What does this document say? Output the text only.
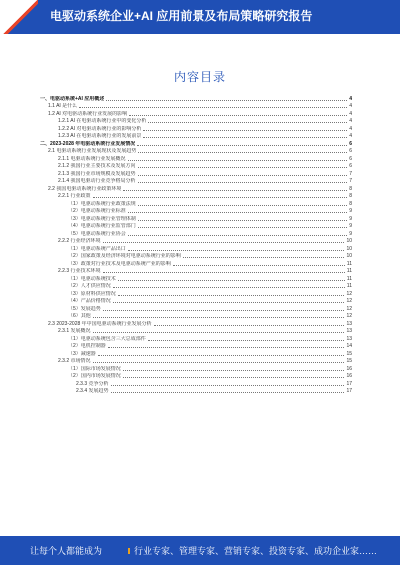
电驱动系统企业+AI 应用前景及布局策略研究报告
内容目录
一、电驱动系统+AI 应用概述	4
1.1 AI 是什么	4
1.2 AI 对电驱动系统行业发展的影响	4
1.2.1 AI 在电驱动系统行业中的变化分析	4
1.2.2 AI 对电驱动系统行业的影响分析	4
1.2.3 AI 在电驱动系统行业的发展前景	4
二、2023-2028 年电驱动系统行业发展情况	6
2.1 电驱动系统行业发展现状及发展趋势	6
2.1.1 电驱动系统行业发展概况	6
2.1.2 我国行业主要技术及发展方向	6
2.1.3 我国行业市场规模及发展趋势	7
2.1.4 我国电驱动行业竞争格局分析	7
2.2 我国电驱动系统行业政策环境	8
2.2.1 行业政策	8
（1）电驱动系统行业政策法规	8
（2）电驱动系统行业标准	9
（3）电驱动系统行业管理体制	9
（4）电驱动系统行业监管部门	9
（5）电驱动系统行业协会	9
2.2.2 行业经济环境	10
（1）电驱动系统产品出口	10
（2）国家政策及经济环境对电驱动系统行业的影响	10
（3）政策对行业技术及电驱动系统产业的影响	11
2.2.3 行业技术环境	11
（1）电驱动系统技术	11
（2）人才供应情况	11
（3）原材料供应情况	12
（4）产品价格情况	12
（5）发展趋势	12
（6）其他	12
2.3 2023-2028 年中国电驱动系统行业发展分析	13
2.3.1 发展概况	13
（1）电驱动系统包含三大总成部件	13
（2）电机控制器	14
（3）减速器	15
2.3.2 市场情况	15
（1）国际市场发展情况	16
（2）国内市场发展情况	16
2.3.3 竞争分析	17
2.3.4 发展趋势	17
让每个人都能成为	行业专家、管理专家、营销专家、投资专家、成功企业家……
